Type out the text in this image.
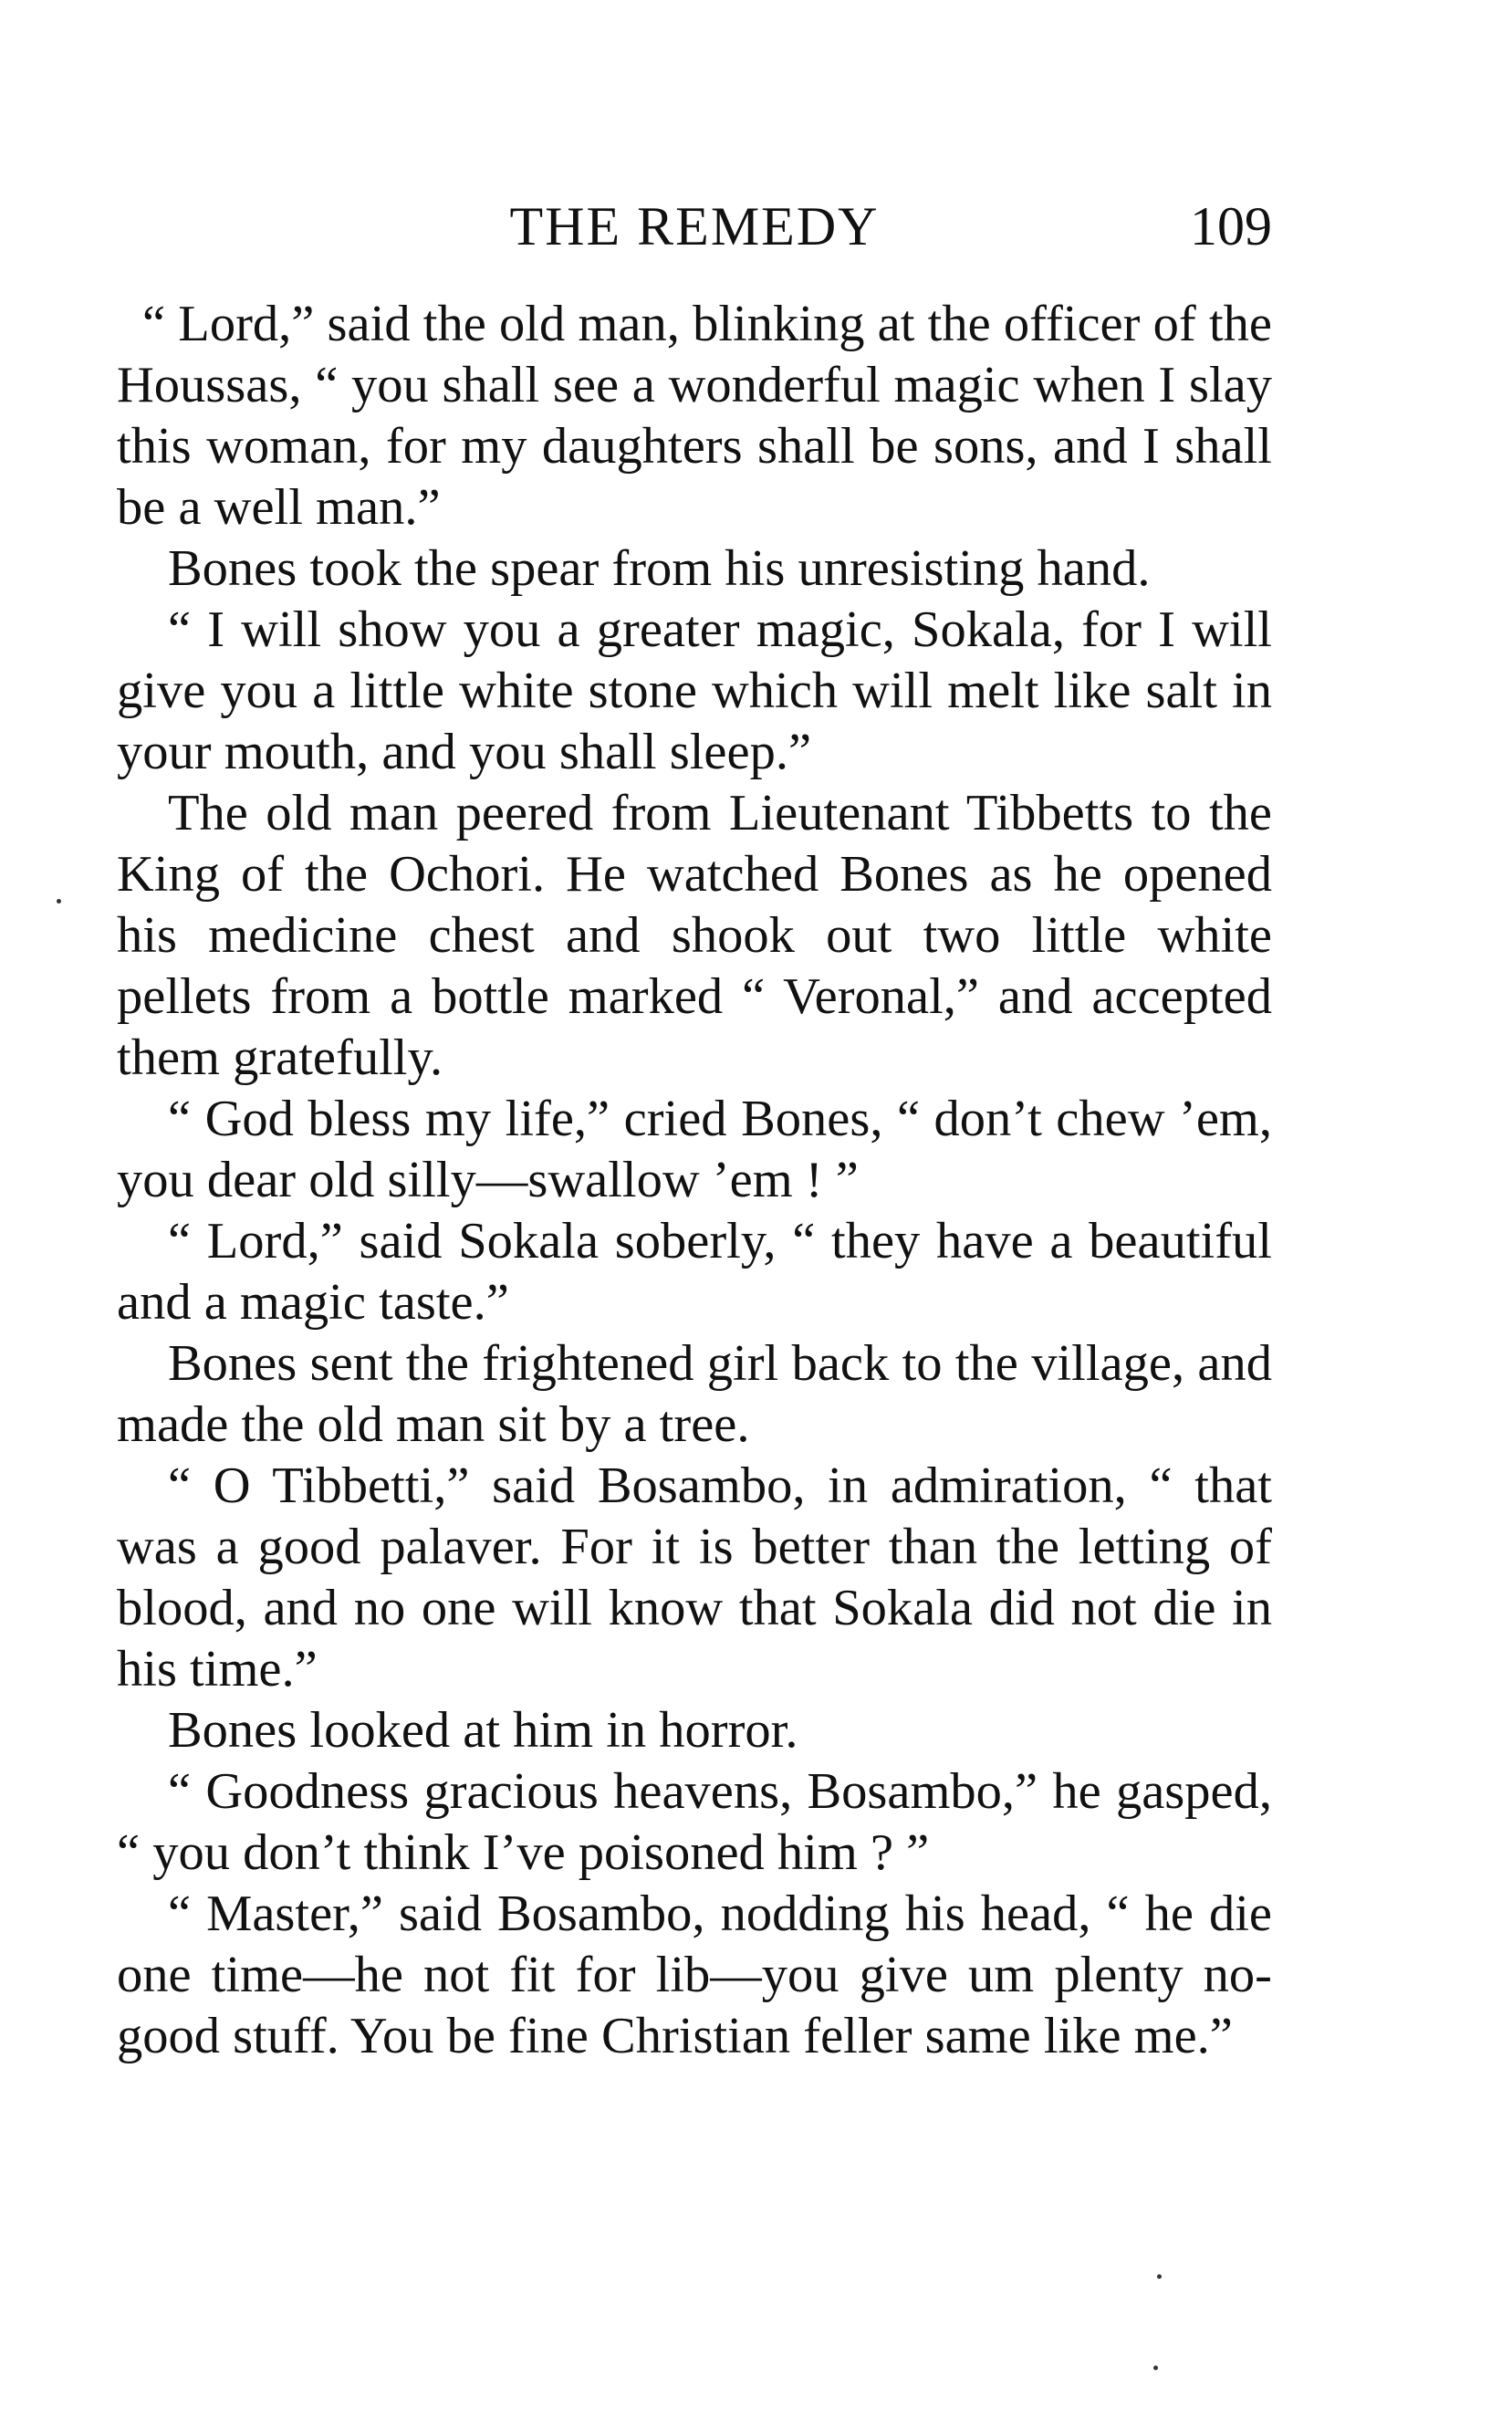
THE REMEDY	109

“ Lord,” said the old man, blinking at the officer of the Houssas, “ you shall see a wonderful magic when I slay this woman, for my daughters shall be sons, and I shall be a well man.”

Bones took the spear from his unresisting hand.

“ I will show you a greater magic, Sokala, for I will give you a little white stone which will melt like salt in your mouth, and you shall sleep.”

The old man peered from Lieutenant Tibbetts to the King of the Ochori. He watched Bones as he opened his medicine chest and shook out two little white pellets from a bottle marked “ Veronal,” and accepted them gratefully.

“ God bless my life,” cried Bones, “ don’t chew ’em, you dear old silly—swallow ’em ! ”

“ Lord,” said Sokala soberly, “ they have a beautiful and a magic taste.”

Bones sent the frightened girl back to the village, and made the old man sit by a tree.

“ O Tibbetti,” said Bosambo, in admiration, “ that was a good palaver. For it is better than the letting of blood, and no one will know that Sokala did not die in his time.”

Bones looked at him in horror.

“ Goodness gracious heavens, Bosambo,” he gasped, “ you don’t think I’ve poisoned him ? ”

“ Master,” said Bosambo, nodding his head, “ he die one time—he not fit for lib—you give um plenty no-good stuff. You be fine Christian feller same like me.”
